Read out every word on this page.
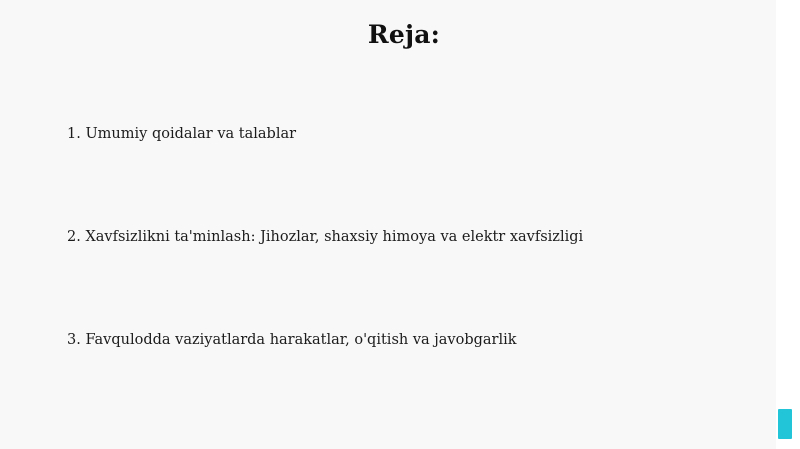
Reja:
1. Umumiy qoidalar va talablar
2. Xavfsizlikni ta'minlash: Jihozlar, shaxsiy himoya va elektr xavfsizligi
3. Favqulodda vaziyatlarda harakatlar, o'qitish va javobgarlik
